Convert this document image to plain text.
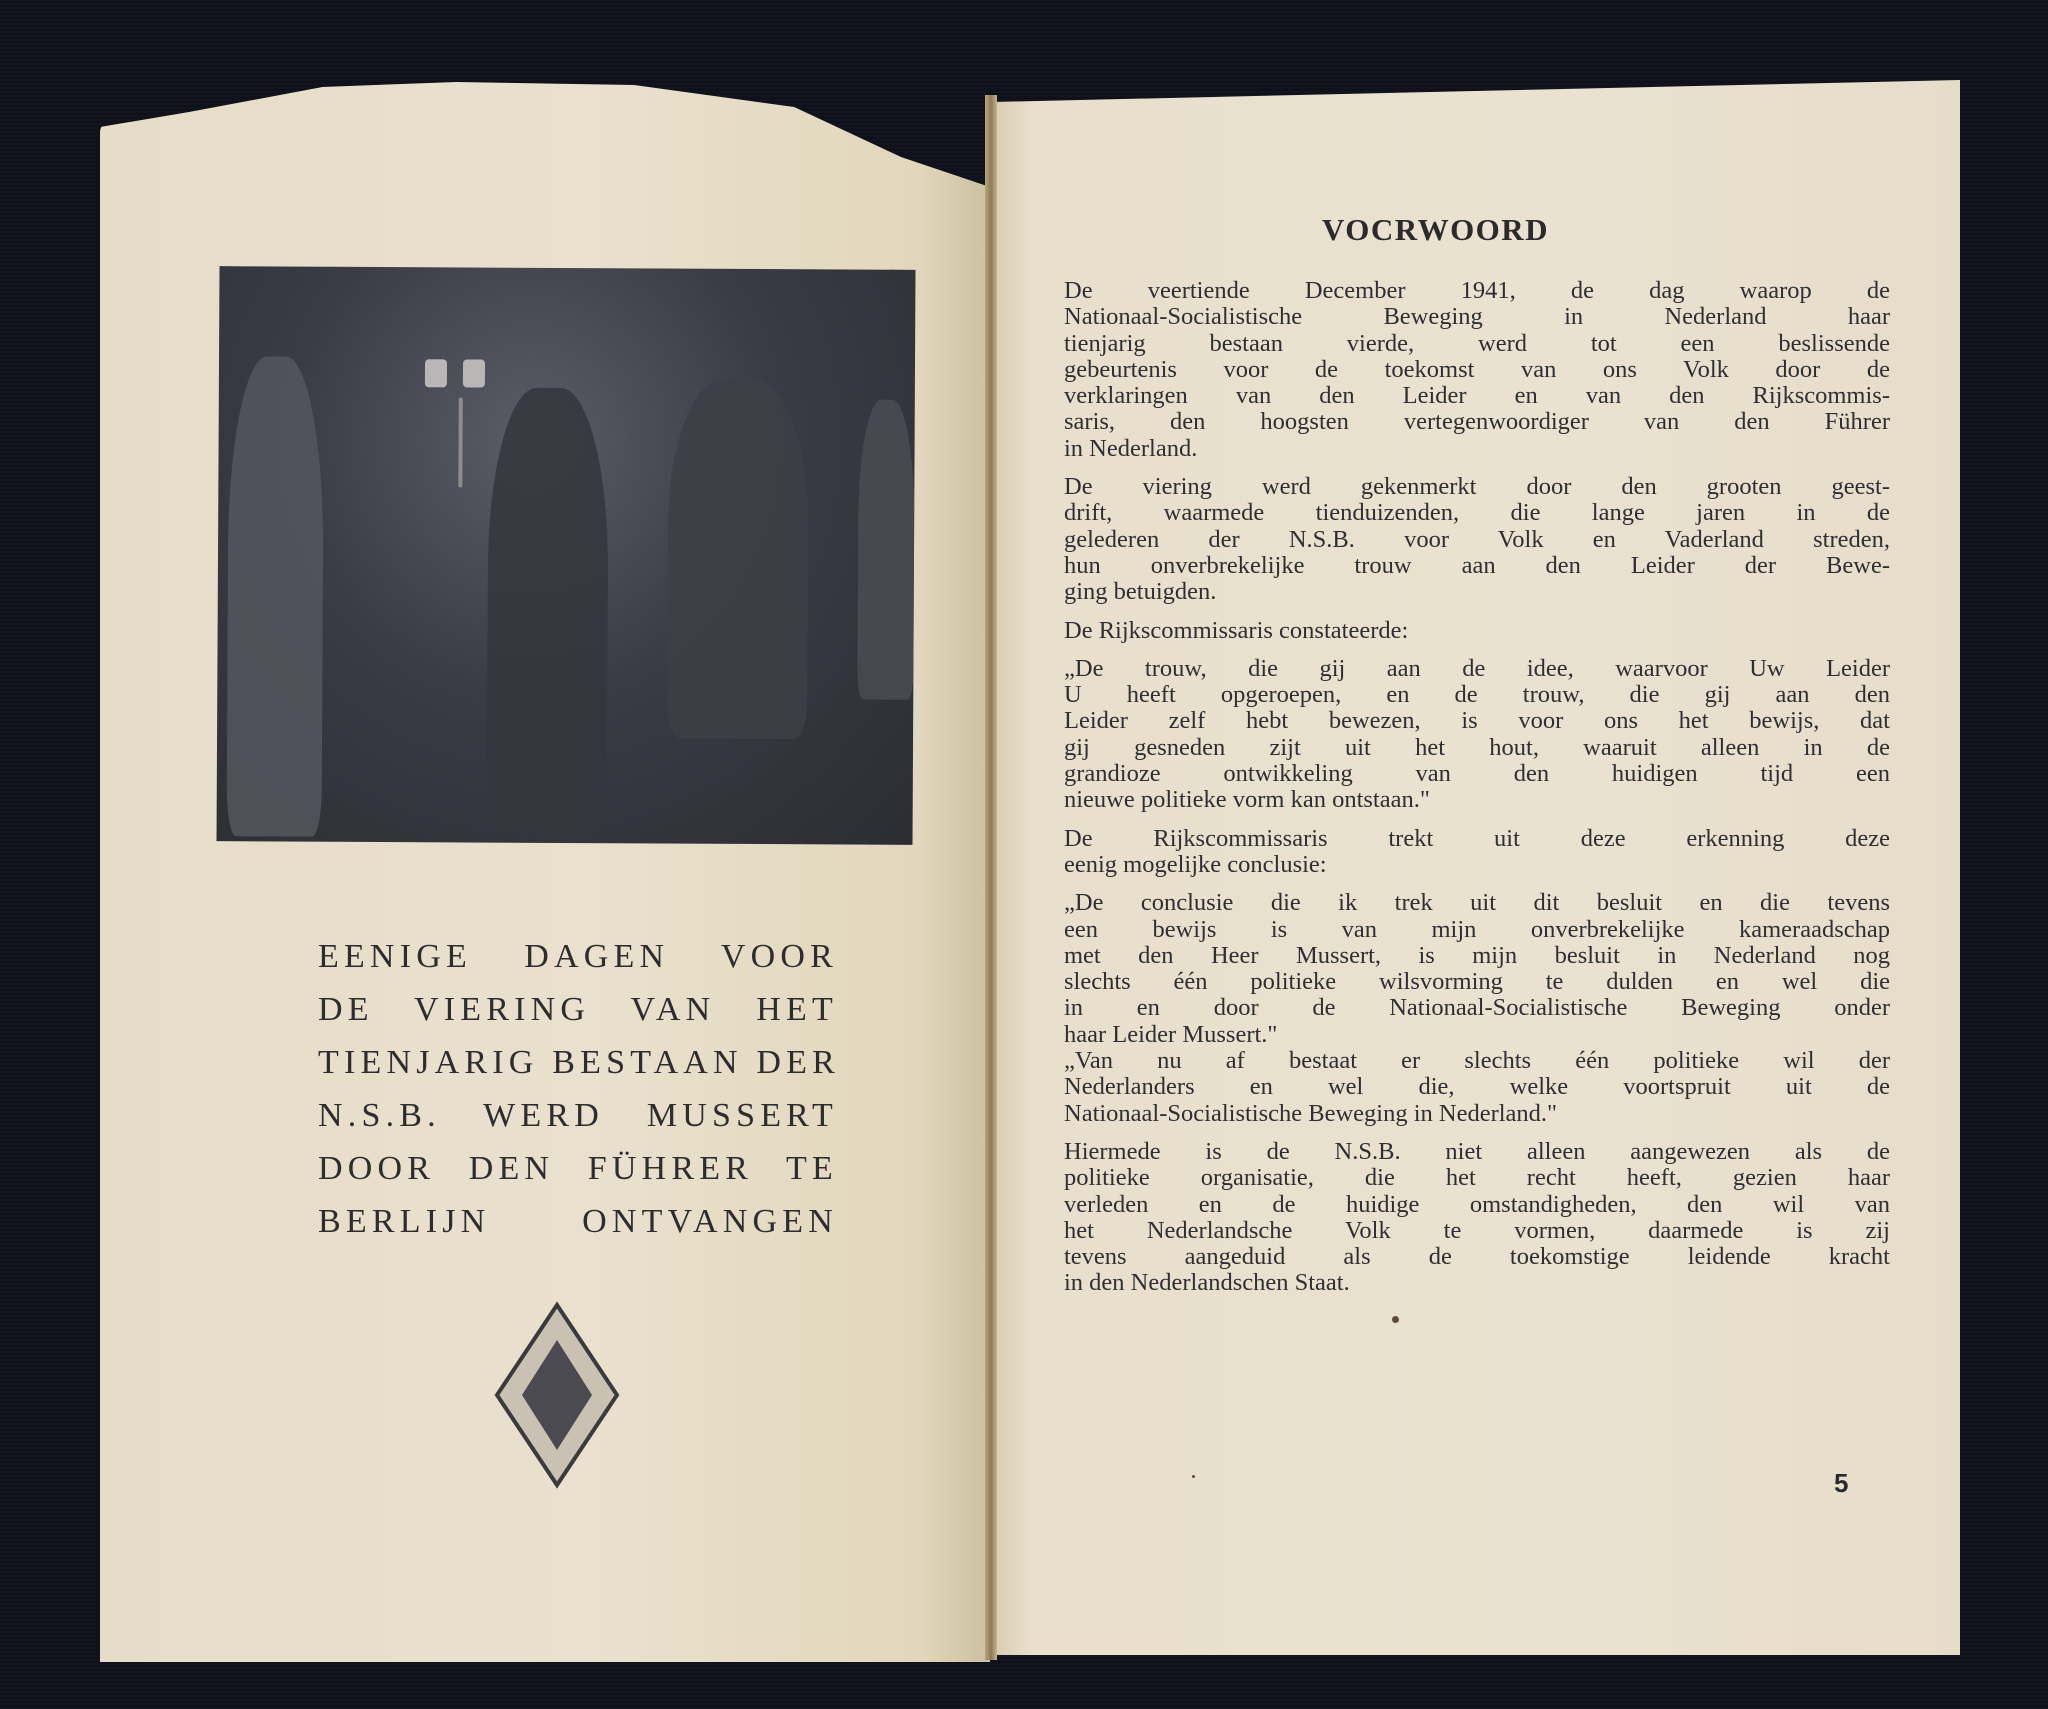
EENIGE DAGEN VOOR
DE VIERING VAN HET
TIENJARIG BESTAAN DER
N.S.B. WERD MUSSERT
DOOR DEN FÜHRER TE
BERLIJN ONTVANGEN
VOCRWOORD
De veertiende December 1941, de dag waarop de
Nationaal-Socialistische Beweging in Nederland haar
tienjarig bestaan vierde, werd tot een beslissende
gebeurtenis voor de toekomst van ons Volk door de
verklaringen van den Leider en van den Rijkscommis-
saris, den hoogsten vertegenwoordiger van den Führer
in Nederland.
De viering werd gekenmerkt door den grooten geest-
drift, waarmede tienduizenden, die lange jaren in de
gelederen der N.S.B. voor Volk en Vaderland streden,
hun onverbrekelijke trouw aan den Leider der Bewe-
ging betuigden.
De Rijkscommissaris constateerde:
„De trouw, die gij aan de idee, waarvoor Uw Leider
U heeft opgeroepen, en de trouw, die gij aan den
Leider zelf hebt bewezen, is voor ons het bewijs, dat
gij gesneden zijt uit het hout, waaruit alleen in de
grandioze ontwikkeling van den huidigen tijd een
nieuwe politieke vorm kan ontstaan."
De Rijkscommissaris trekt uit deze erkenning deze
eenig mogelijke conclusie:
„De conclusie die ik trek uit dit besluit en die tevens
een bewijs is van mijn onverbrekelijke kameraadschap
met den Heer Mussert, is mijn besluit in Nederland nog
slechts één politieke wilsvorming te dulden en wel die
in en door de Nationaal-Socialistische Beweging onder
haar Leider Mussert."
„Van nu af bestaat er slechts één politieke wil der
Nederlanders en wel die, welke voortspruit uit de
Nationaal-Socialistische Beweging in Nederland."
Hiermede is de N.S.B. niet alleen aangewezen als de
politieke organisatie, die het recht heeft, gezien haar
verleden en de huidige omstandigheden, den wil van
het Nederlandsche Volk te vormen, daarmede is zij
tevens aangeduid als de toekomstige leidende kracht
in den Nederlandschen Staat.
5
